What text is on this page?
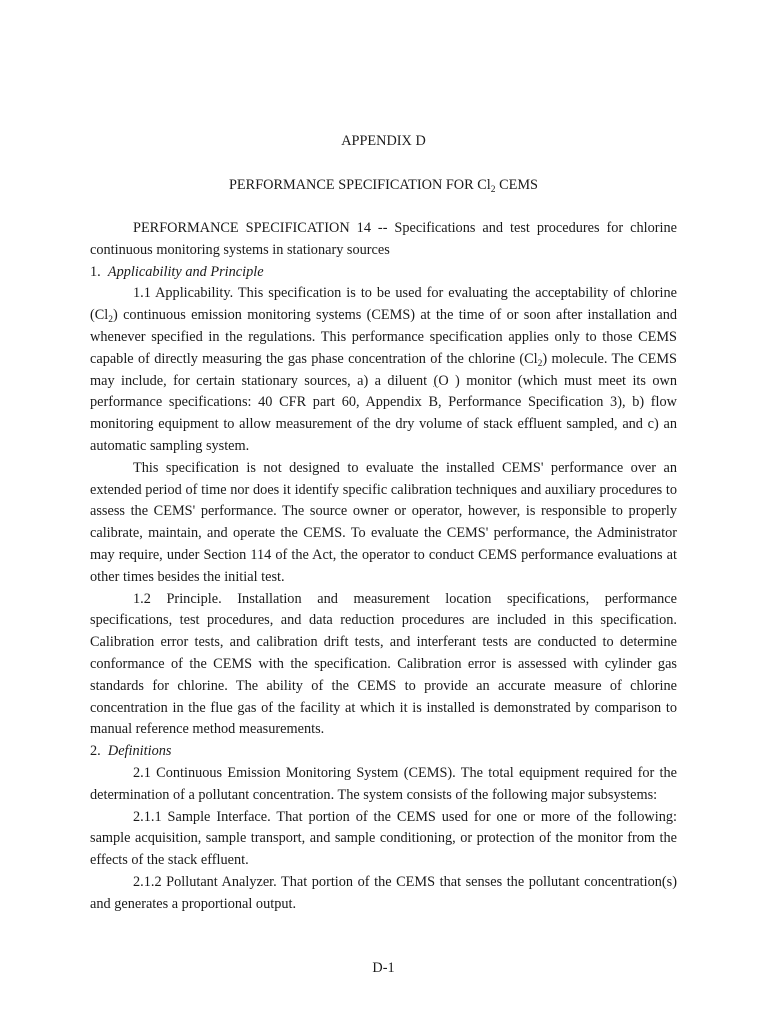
APPENDIX D

PERFORMANCE SPECIFICATION FOR $Cl_2$ CEMS

PERFORMANCE SPECIFICATION 14 -- Specifications and test procedures for chlorine continuous monitoring systems in stationary sources

1. Applicability and Principle

1.1 Applicability. This specification is to be used for evaluating the acceptability of chlorine $(Cl_2)$ continuous emission monitoring systems (CEMS) at the time of or soon after installation and whenever specified in the regulations. This performance specification applies only to those CEMS capable of directly measuring the gas phase concentration of the chlorine $(Cl_2)$ molecule. The CEMS may include, for certain stationary sources, a) a diluent (O ) monitor (which must meet its own performance specifications: 40 CFR part 60, Appendix B, Performance Specification 3), b) flow monitoring equipment to allow measurement of the dry volume of stack effluent sampled, and c) an automatic sampling system.

This specification is not designed to evaluate the installed CEMS' performance over an extended period of time nor does it identify specific calibration techniques and auxiliary procedures to assess the CEMS' performance. The source owner or operator, however, is responsible to properly calibrate, maintain, and operate the CEMS. To evaluate the CEMS' performance, the Administrator may require, under Section 114 of the Act, the operator to conduct CEMS performance evaluations at other times besides the initial test.

1.2 Principle. Installation and measurement location specifications, performance specifications, test procedures, and data reduction procedures are included in this specification. Calibration error tests, and calibration drift tests, and interferant tests are conducted to determine conformance of the CEMS with the specification. Calibration error is assessed with cylinder gas standards for chlorine. The ability of the CEMS to provide an accurate measure of chlorine concentration in the flue gas of the facility at which it is installed is demonstrated by comparison to manual reference method measurements.

2. Definitions

2.1 Continuous Emission Monitoring System (CEMS). The total equipment required for the determination of a pollutant concentration. The system consists of the following major subsystems:

2.1.1 Sample Interface. That portion of the CEMS used for one or more of the following: sample acquisition, sample transport, and sample conditioning, or protection of the monitor from the effects of the stack effluent.

2.1.2 Pollutant Analyzer. That portion of the CEMS that senses the pollutant concentration(s) and generates a proportional output.

D-1
